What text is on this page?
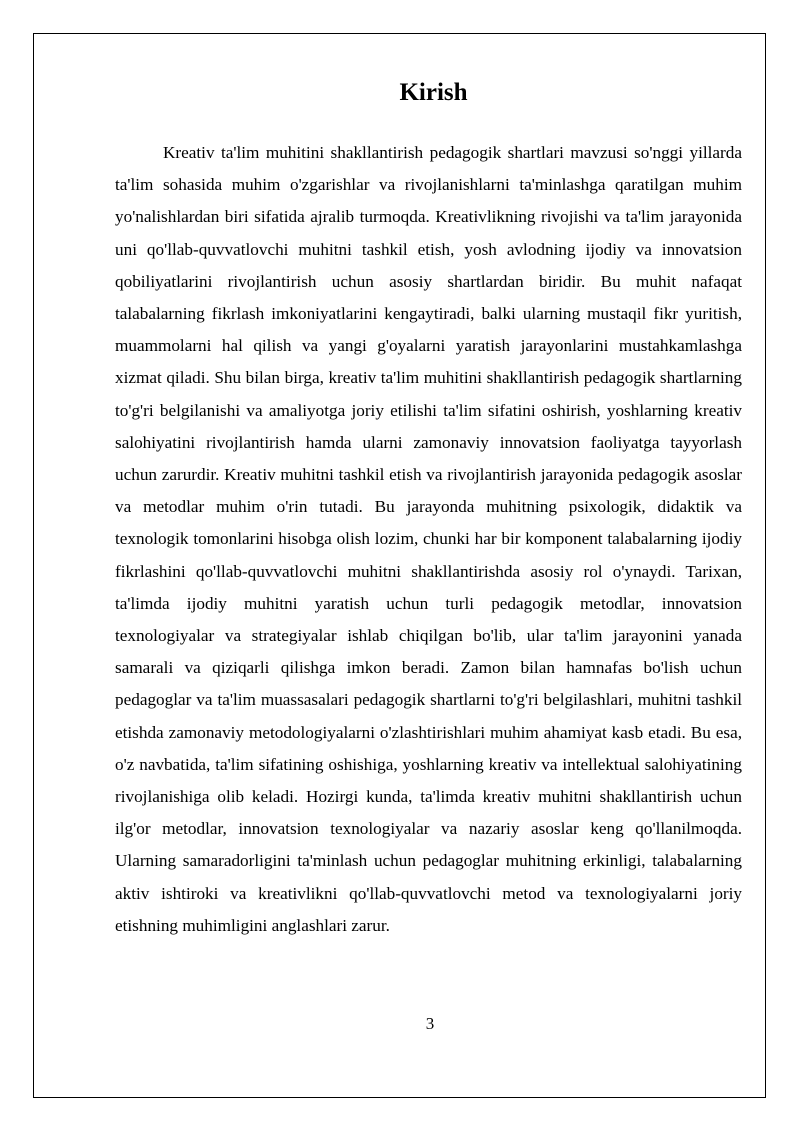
Kirish

Kreativ ta'lim muhitini shakllantirish pedagogik shartlari mavzusi so'nggi yillarda ta'lim sohasida muhim o'zgarishlar va rivojlanishlarni ta'minlashga qaratilgan muhim yo'nalishlardan biri sifatida ajralib turmoqda. Kreativlikning rivojishi va ta'lim jarayonida uni qo'llab-quvvatlovchi muhitni tashkil etish, yosh avlodning ijodiy va innovatsion qobiliyatlarini rivojlantirish uchun asosiy shartlardan biridir. Bu muhit nafaqat talabalarning fikrlash imkoniyatlarini kengaytiradi, balki ularning mustaqil fikr yuritish, muammolarni hal qilish va yangi g'oyalarni yaratish jarayonlarini mustahkamlashga xizmat qiladi. Shu bilan birga, kreativ ta'lim muhitini shakllantirish pedagogik shartlarning to'g'ri belgilanishi va amaliyotga joriy etilishi ta'lim sifatini oshirish, yoshlarning kreativ salohiyatini rivojlantirish hamda ularni zamonaviy innovatsion faoliyatga tayyorlash uchun zarurdir. Kreativ muhitni tashkil etish va rivojlantirish jarayonida pedagogik asoslar va metodlar muhim o'rin tutadi. Bu jarayonda muhitning psixologik, didaktik va texnologik tomonlarini hisobga olish lozim, chunki har bir komponent talabalarning ijodiy fikrlashini qo'llab-quvvatlovchi muhitni shakllantirishda asosiy rol o'ynaydi. Tarixan, ta'limda ijodiy muhitni yaratish uchun turli pedagogik metodlar, innovatsion texnologiyalar va strategiyalar ishlab chiqilgan bo'lib, ular ta'lim jarayonini yanada samarali va qiziqarli qilishga imkon beradi. Zamon bilan hamnafas bo'lish uchun pedagoglar va ta'lim muassasalari pedagogik shartlarni to'g'ri belgilashlari, muhitni tashkil etishda zamonaviy metodologiyalarni o'zlashtirishlari muhim ahamiyat kasb etadi. Bu esa, o'z navbatida, ta'lim sifatining oshishiga, yoshlarning kreativ va intellektual salohiyatining rivojlanishiga olib keladi. Hozirgi kunda, ta'limda kreativ muhitni shakllantirish uchun ilg'or metodlar, innovatsion texnologiyalar va nazariy asoslar keng qo'llanilmoqda. Ularning samaradorligini ta'minlash uchun pedagoglar muhitning erkinligi, talabalarning aktiv ishtiroki va kreativlikni qo'llab-quvvatlovchi metod va texnologiyalarni joriy etishning muhimligini anglashlari zarur.

3
